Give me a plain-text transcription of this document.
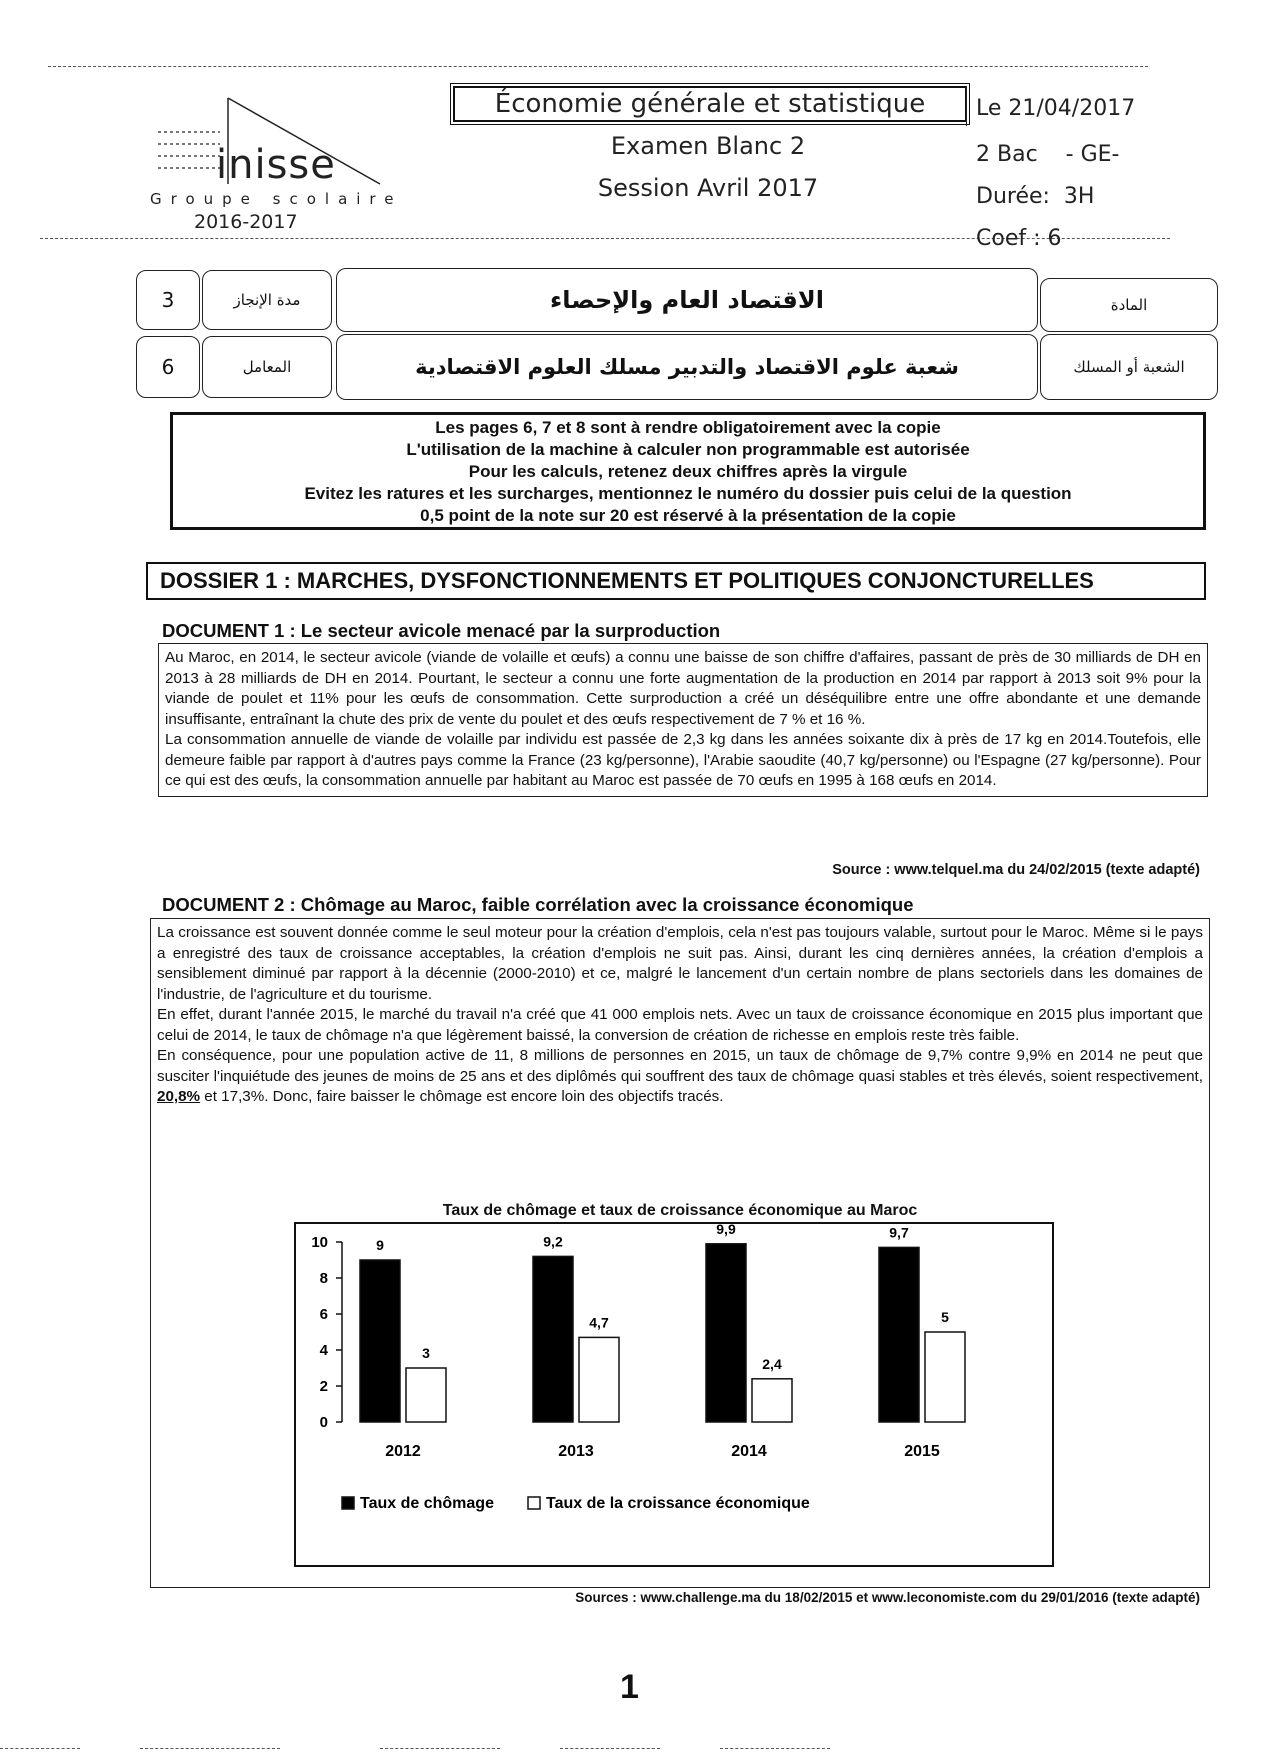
inisse
Groupe scolaire
2016-2017
Économie générale et statistique
Examen Blanc 2
Session Avril 2017
Le 21/04/2017
2 Bac    - GE-
Durée:  3H
Coef : 6
3	مدة الإنجاز	الاقتصاد العام والإحصاء	المادة
6	المعامل	شعبة علوم الاقتصاد والتدبير مسلك العلوم الاقتصادية	الشعبة أو المسلك
Les pages 6, 7 et 8 sont à rendre obligatoirement avec la copie
L'utilisation de la machine à calculer non programmable est autorisée
Pour les calculs, retenez deux chiffres après la virgule
Evitez les ratures et les surcharges, mentionnez le numéro du dossier puis celui de la question
0,5 point de la note sur 20 est réservé à la présentation de la copie
DOSSIER 1 : MARCHES, DYSFONCTIONNEMENTS ET POLITIQUES CONJONCTURELLES
DOCUMENT 1 : Le secteur avicole menacé par la surproduction

Au Maroc, en 2014, le secteur avicole (viande de volaille et œufs) a connu une baisse de son chiffre d'affaires, passant de près de 30 milliards de DH en 2013 à 28 milliards de DH en 2014. Pourtant, le secteur a connu une forte augmentation de la production en 2014 par rapport à 2013 soit 9% pour la viande de poulet et 11% pour les œufs de consommation. Cette surproduction a créé un déséquilibre entre une offre abondante et une demande insuffisante, entraînant la chute des prix de vente du poulet et des œufs respectivement de 7 % et 16 %.

La consommation annuelle de viande de volaille par individu est passée de 2,3 kg dans les années soixante dix à près de 17 kg en 2014.Toutefois, elle demeure faible par rapport à d'autres pays comme la France (23 kg/personne), l'Arabie saoudite (40,7 kg/personne) ou l'Espagne (27 kg/personne). Pour ce qui est des œufs, la consommation annuelle par habitant au Maroc est passée de 70 œufs en 1995 à 168 œufs en 2014.

Source : www.telquel.ma du 24/02/2015 (texte adapté)
DOCUMENT 2 : Chômage au Maroc, faible corrélation avec la croissance économique

La croissance est souvent donnée comme le seul moteur pour la création d'emplois, cela n'est pas toujours valable, surtout pour le Maroc. Même si le pays a enregistré des taux de croissance acceptables, la création d'emplois ne suit pas. Ainsi, durant les cinq dernières années, la création d'emplois a sensiblement diminué par rapport à la décennie (2000-2010) et ce, malgré le lancement d'un certain nombre de plans sectoriels dans les domaines de l'industrie, de l'agriculture et du tourisme.

En effet, durant l'année 2015, le marché du travail n'a créé que 41 000 emplois nets. Avec un taux de croissance économique en 2015 plus important que celui de 2014, le taux de chômage n'a que légèrement baissé, la conversion de création de richesse en emplois reste très faible.

En conséquence, pour une population active de 11, 8 millions de personnes en 2015, un taux de chômage de 9,7% contre 9,9% en 2014 ne peut que susciter l'inquiétude des jeunes de moins de 25 ans et des diplômés qui souffrent des taux de chômage quasi stables et très élevés, soient respectivement, 20,8% et 17,3%. Donc, faire baisser le chômage est encore loin des objectifs tracés.

Taux de chômage et taux de croissance économique au Maroc
0
2
4
6
8
10	9
3
2012
9,2
4,7
2013
9,9
2,4
2014
9,7
5
2015
Taux de chômage	Taux de la croissance économique
Sources : www.challenge.ma du 18/02/2015 et www.leconomiste.com du 29/01/2016 (texte adapté)
1
